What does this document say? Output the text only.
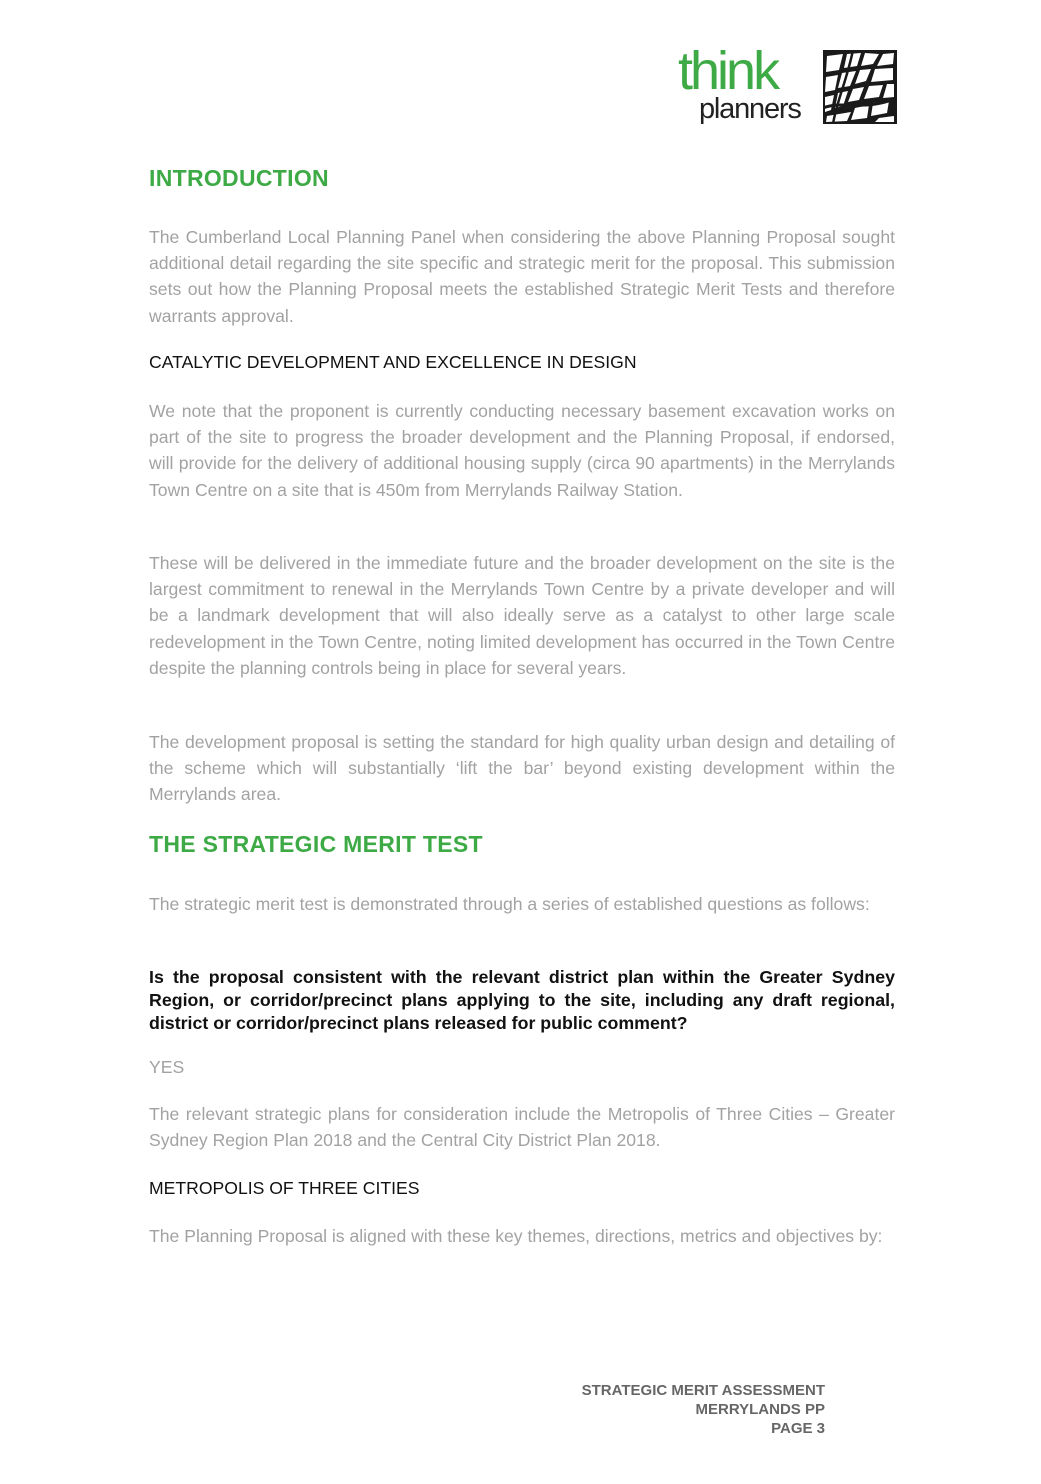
think
planners
INTRODUCTION

The Cumberland Local Planning Panel when considering the above Planning Proposal sought additional detail regarding the site specific and strategic merit for the proposal. This submission sets out how the Planning Proposal meets the established Strategic Merit Tests and therefore warrants approval.

CATALYTIC DEVELOPMENT AND EXCELLENCE IN DESIGN

We note that the proponent is currently conducting necessary basement excavation works on part of the site to progress the broader development and the Planning Proposal, if endorsed, will provide for the delivery of additional housing supply (circa 90 apartments) in the Merrylands Town Centre on a site that is 450m from Merrylands Railway Station.

These will be delivered in the immediate future and the broader development on the site is the largest commitment to renewal in the Merrylands Town Centre by a private developer and will be a landmark development that will also ideally serve as a catalyst to other large scale redevelopment in the Town Centre, noting limited development has occurred in the Town Centre despite the planning controls being in place for several years.

The development proposal is setting the standard for high quality urban design and detailing of the scheme which will substantially ‘lift the bar’ beyond existing development within the Merrylands area.

THE STRATEGIC MERIT TEST

The strategic merit test is demonstrated through a series of established questions as follows:

Is the proposal consistent with the relevant district plan within the Greater Sydney Region, or corridor/precinct plans applying to the site, including any draft regional, district or corridor/precinct plans released for public comment?

YES

The relevant strategic plans for consideration include the Metropolis of Three Cities – Greater Sydney Region Plan 2018 and the Central City District Plan 2018.

METROPOLIS OF THREE CITIES

The Planning Proposal is aligned with these key themes, directions, metrics and objectives by:

STRATEGIC MERIT ASSESSMENT
MERRYLANDS PP
PAGE 3
